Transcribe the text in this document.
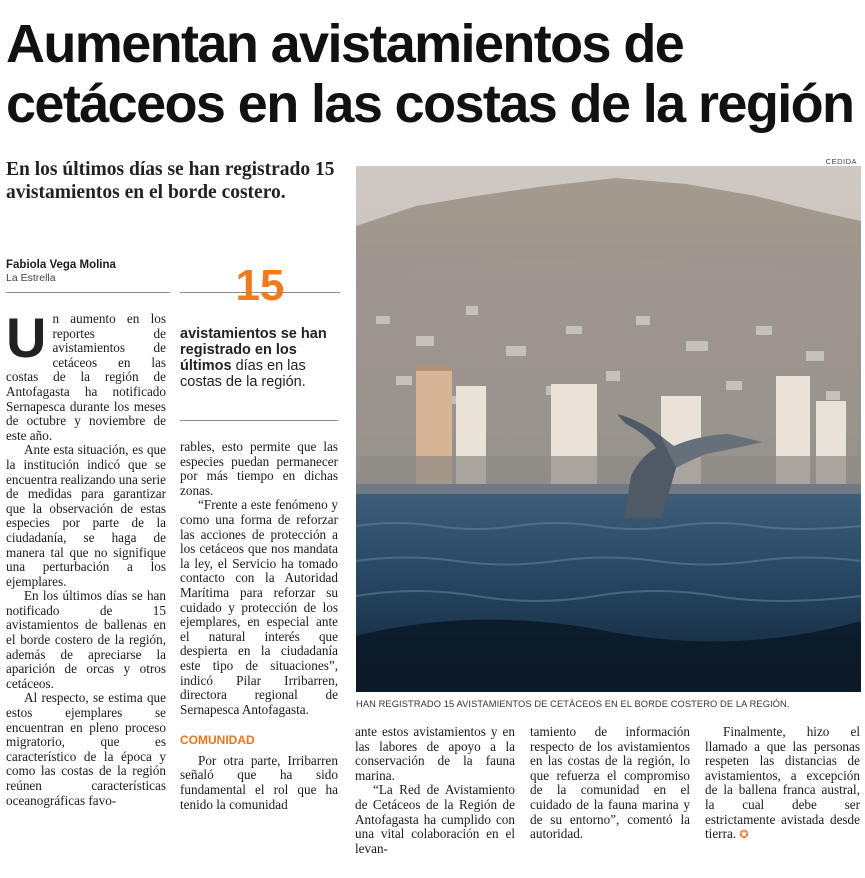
Aumentan avistamientos de
cetáceos en las costas de la región

En los últimos días se han registrado 15 avistamientos en el borde costero.

Fabiola Vega Molina
La Estrella	15
avistamientos se han registrado en los últimos días en las costas de la región.
U n aumento en los reportes de avistamientos de cetáceos en las costas de la región de Antofagasta ha notificado Sernapesca durante los meses de octubre y noviembre de este año.

Ante esta situación, es que la institución indicó que se encuentra realizando una serie de medidas para garantizar que la observación de estas especies por parte de la ciudadanía, se haga de manera tal que no signifique una perturbación a los ejemplares.

En los últimos días se han notificado de 15 avistamientos de ballenas en el borde costero de la región, además de apreciarse la aparición de orcas y otros cetáceos.

Al respecto, se estima que estos ejemplares se encuentran en pleno proceso migratorio, que es característico de la época y como las costas de la región reúnen características oceanográficas favo-

rables, esto permite que las especies puedan permanecer por más tiempo en dichas zonas.

“Frente a este fenómeno y como una forma de reforzar las acciones de protección a los cetáceos que nos mandata la ley, el Servicio ha tomado contacto con la Autoridad Marítima para reforzar su cuidado y protección de los ejemplares, en especial ante el natural interés que despierta en la ciudadanía este tipo de situaciones”, indicó Pilar Irribarren, directora regional de Sernapesca Antofagasta.

COMUNIDAD

Por otra parte, Irribarren señaló que ha sido fundamental el rol que ha tenido la comunidad

ante estos avistamientos y en las labores de apoyo a la conservación de la fauna marina.

“La Red de Avistamiento de Cetáceos de la Región de Antofagasta ha cumplido con una vital colaboración en el levan-

tamiento de información respecto de los avistamientos en las costas de la región, lo que refuerza el compromiso de la comunidad en el cuidado de la fauna marina y de su entorno”, comentó la autoridad.

Finalmente, hizo el llamado a que las personas respeten las distancias de avistamientos, a excepción de la ballena franca austral, la cual debe ser estrictamente avistada desde tierra. ✪

CEDIDA
HAN REGISTRADO 15 AVISTAMIENTOS DE CETÁCEOS EN EL BORDE COSTERO DE LA REGIÓN.
